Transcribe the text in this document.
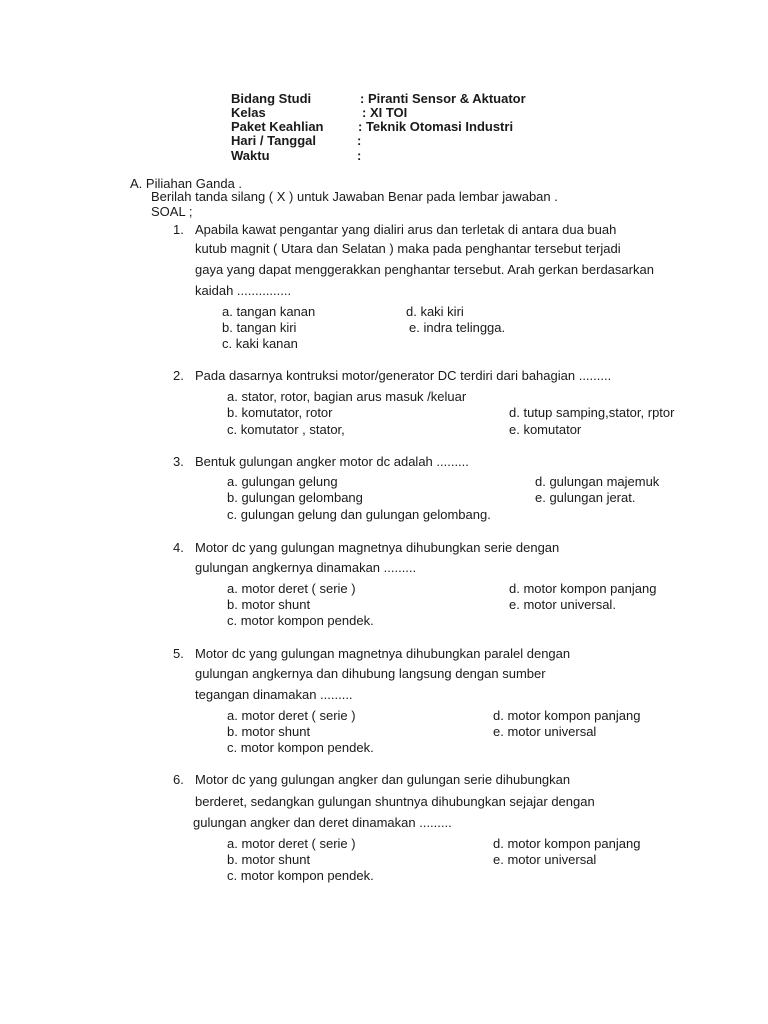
Bidang Studi	: Piranti Sensor & Aktuator
Kelas	: XI TOI
Paket Keahlian	: Teknik Otomasi Industri
Hari / Tanggal	:
Waktu	:
A. Piliahan Ganda .
Berilah tanda silang ( X ) untuk Jawaban Benar pada lembar jawaban .
SOAL ;
1. Apabila kawat pengantar yang dialiri arus dan terletak di antara dua buah
kutub magnit ( Utara dan Selatan ) maka pada penghantar tersebut terjadi
gaya yang dapat menggerakkan penghantar tersebut. Arah gerkan berdasarkan
kaidah ...............
a. tangan kanan	d. kaki kiri
b. tangan kiri	e. indra telingga.
c. kaki kanan
2. Pada dasarnya kontruksi motor/generator DC terdiri dari bahagian .........
a. stator, rotor, bagian arus masuk /keluar
b. komutator, rotor	d. tutup samping,stator, rptor
c. komutator , stator,	e. komutator
3. Bentuk gulungan angker motor dc adalah .........
a. gulungan gelung	d. gulungan majemuk
b. gulungan gelombang	e. gulungan jerat.
c. gulungan gelung dan gulungan gelombang.
4. Motor dc yang gulungan magnetnya dihubungkan serie dengan
gulungan angkernya dinamakan .........
a. motor deret ( serie )	d. motor kompon panjang
b. motor shunt	e. motor universal.
c. motor kompon pendek.
5. Motor dc yang gulungan magnetnya dihubungkan paralel dengan
gulungan angkernya dan dihubung langsung dengan sumber
tegangan dinamakan .........
a. motor deret ( serie )	d. motor kompon panjang
b. motor shunt	e. motor universal
c. motor kompon pendek.
6. Motor dc yang gulungan angker dan gulungan serie dihubungkan
berderet, sedangkan gulungan shuntnya dihubungkan sejajar dengan
gulungan angker dan deret dinamakan .........
a. motor deret ( serie )	d. motor kompon panjang
b. motor shunt	e. motor universal
c. motor kompon pendek.
